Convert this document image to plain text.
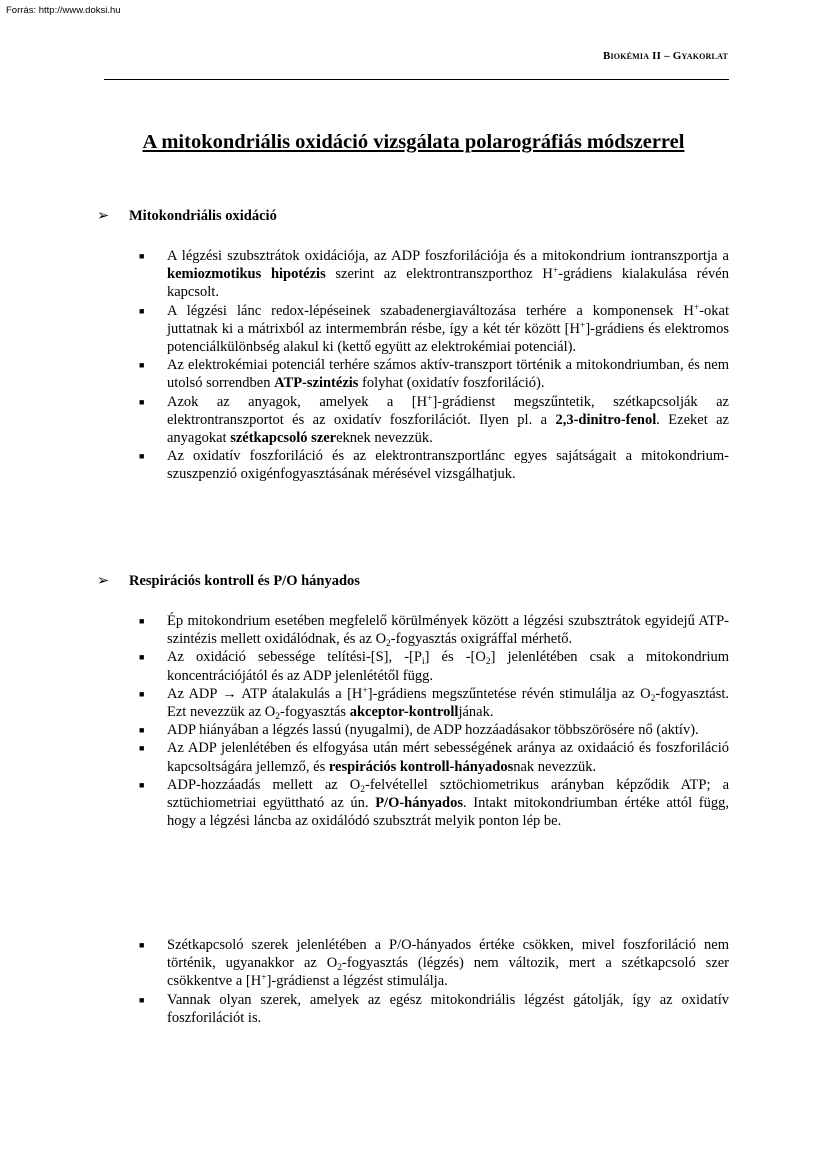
Forrás: http://www.doksi.hu
Biokémia II – Gyakorlat
A mitokondriális oxidáció vizsgálata polarográfiás módszerrel
➢ Mitokondriális oxidáció
■ A légzési szubsztrátok oxidációja, az ADP foszforilációja és a mitokondrium iontranszportja a kemiozmotikus hipotézis szerint az elektrontranszporthoz H+-grádiens kialakulása révén kapcsolt.
■ A légzési lánc redox-lépéseinek szabadenergiaváltozása terhére a komponensek H+-okat juttatnak ki a mátrixból az intermembrán résbe, így a két tér között [H+]-grádiens és elektromos potenciálkülönbség alakul ki (kettő együtt az elektrokémiai potenciál).
■ Az elektrokémiai potenciál terhére számos aktív-transzport történik a mitokondriumban, és nem utolsó sorrendben ATP-szintézis folyhat (oxidatív foszforiláció).
■ Azok az anyagok, amelyek a [H+]-grádienst megszűntetik, szétkapcsolják az elektrontranszportot és az oxidatív foszforilációt. Ilyen pl. a 2,3-dinitro-fenol. Ezeket az anyagokat szétkapcsoló szereknek nevezzük.
■ Az oxidatív foszforiláció és az elektrontranszportlánc egyes sajátságait a mitokondrium-szuszpenzió oxigénfogyasztásának mérésével vizsgálhatjuk.
➢ Respirációs kontroll és P/O hányados
■ Ép mitokondrium esetében megfelelő körülmények között a légzési szubsztrátok egyidejű ATP-szintézis mellett oxidálódnak, és az $O_2$-fogyasztás oxigráffal mérhető.
■ Az oxidáció sebessége telítési-[S], $-[P_i]$ és $-[O_2]$ jelenlétében csak a mitokondrium koncentrációjától és az ADP jelenlététől függ.
■ Az ADP → ATP átalakulás a [H+]-grádiens megszűntetése révén stimulálja az $O_2$-fogyasztást. Ezt nevezzük az $O_2$-fogyasztás akceptor-kontrolljának.
■ ADP hiányában a légzés lassú (nyugalmi), de ADP hozzáadásakor többszörösére nő (aktív).
■ Az ADP jelenlétében és elfogyása után mért sebességének aránya az oxidaáció és foszforiláció kapcsoltságára jellemző, és respirációs kontroll-hányadosnak nevezzük.
■ ADP-hozzáadás mellett az $O_2$-felvétellel sztöchiometrikus arányban képződik ATP; a sztüchiometriai együttható az ún. P/O-hányados. Intakt mitokondriumban értéke attól függ, hogy a légzési láncba az oxidálódó szubsztrát melyik ponton lép be.
■ Szétkapcsoló szerek jelenlétében a P/O-hányados értéke csökken, mivel foszforiláció nem történik, ugyanakkor az $O_2$-fogyasztás (légzés) nem változik, mert a szétkapcsoló szer csökkentve a [H+]-grádienst a légzést stimulálja.
■ Vannak olyan szerek, amelyek az egész mitokondriális légzést gátolják, így az oxidatív foszforilációt is.
